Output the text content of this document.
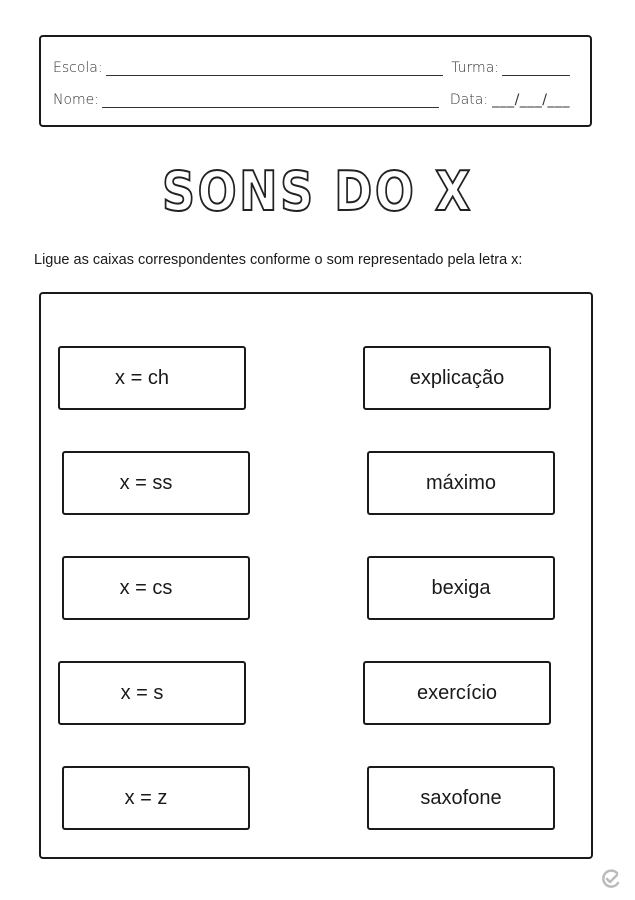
Escola:	Turma:
Nome:	Data: ___/___/___
SONS DO X
Ligue as caixas correspondentes conforme o som representado pela letra x:
x = ch
x = ss
x = cs
x = s
x = z
explicação
máximo
bexiga
exercício
saxofone
